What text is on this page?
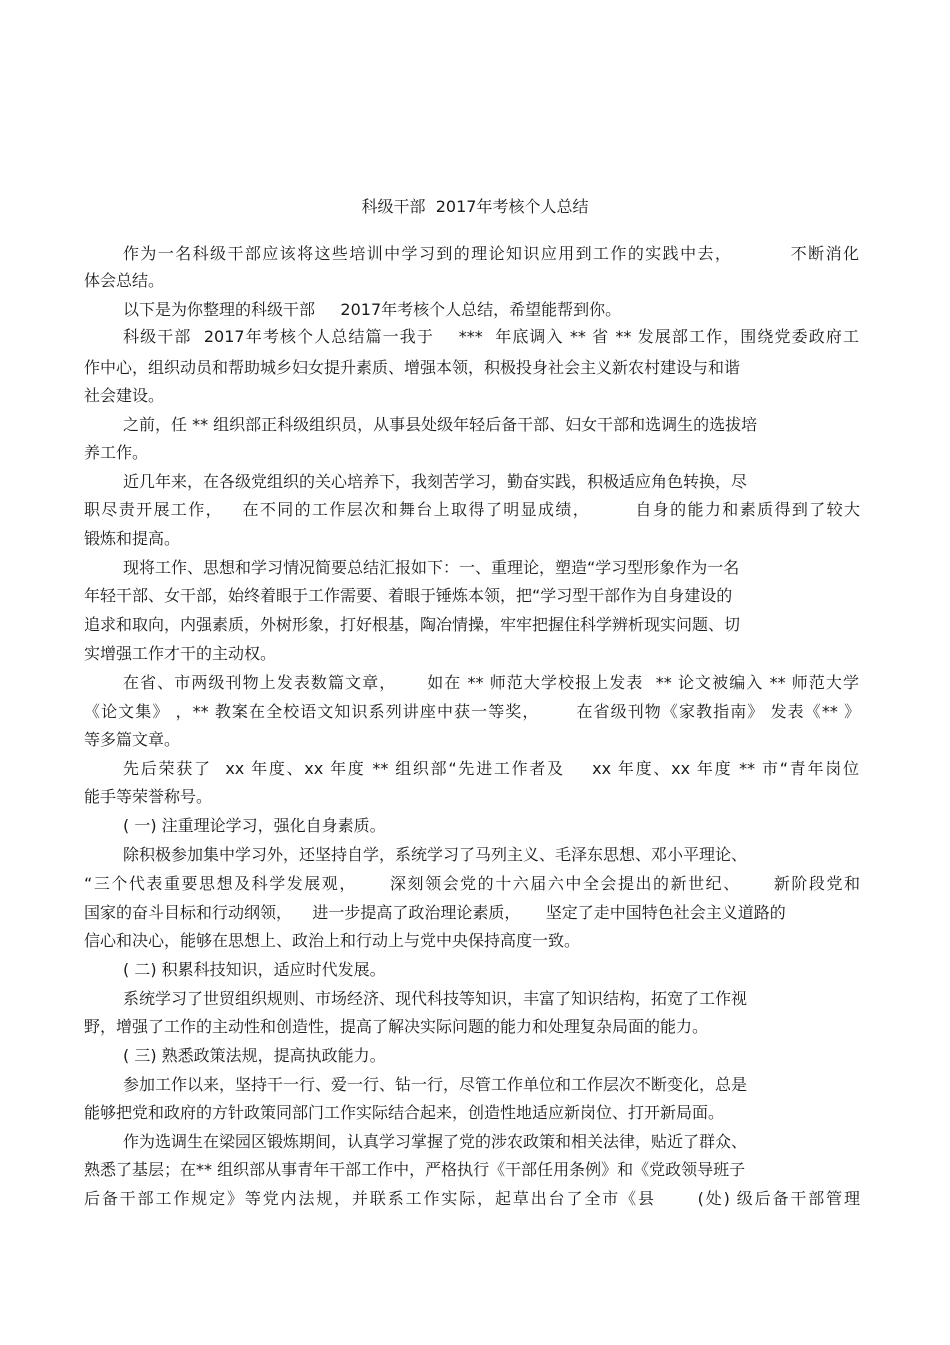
科级干部  2017年考核个人总结
作为一名科级干部应该将这些培训中学习到的理论知识应用到工作的实践中去，         不断消化
体会总结。
以下是为你整理的科级干部     2017年考核个人总结，希望能帮到你。
科级干部  2017年考核个人总结篇一我于    ***  年底调入 ** 省 ** 发展部工作，围绕党委政府工
作中心，组织动员和帮助城乡妇女提升素质、增强本领，积极投身社会主义新农村建设与和谐
社会建设。
之前，任 ** 组织部正科级组织员，从事县处级年轻后备干部、妇女干部和选调生的选拔培
养工作。
近几年来，在各级党组织的关心培养下，我刻苦学习，勤奋实践，积极适应角色转换，尽
职尽责开展工作，   在不同的工作层次和舞台上取得了明显成绩，       自身的能力和素质得到了较大
锻炼和提高。
现将工作、思想和学习情况简要总结汇报如下：一、重理论，塑造“学习型形象作为一名
年轻干部、女干部，始终着眼于工作需要、着眼于锤炼本领，把“学习型干部作为自身建设的
追求和取向，内强素质，外树形象，打好根基，陶冶情操，牢牢把握住科学辨析现实问题、切
实增强工作才干的主动权。
在省、市两级刊物上发表数篇文章，     如在 ** 师范大学校报上发表  ** 论文被编入 ** 师范大学
《论文集》 ，** 教案在全校语文知识系列讲座中获一等奖，      在省级刊物《家教指南》 发表《** 》
等多篇文章。
先后荣获了  xx 年度、xx 年度 ** 组织部“先进工作者及    xx 年度、xx 年度 ** 市“青年岗位
能手等荣誉称号。
( 一) 注重理论学习，强化自身素质。
除积极参加集中学习外，还坚持自学，系统学习了马列主义、毛泽东思想、邓小平理论、
“三个代表重要思想及科学发展观，     深刻领会党的十六届六中全会提出的新世纪、     新阶段党和
国家的奋斗目标和行动纲领，    进一步提高了政治理论素质，     坚定了走中国特色社会主义道路的
信心和决心，能够在思想上、政治上和行动上与党中央保持高度一致。
( 二) 积累科技知识，适应时代发展。
系统学习了世贸组织规则、市场经济、现代科技等知识，丰富了知识结构，拓宽了工作视
野，增强了工作的主动性和创造性，提高了解决实际问题的能力和处理复杂局面的能力。
( 三) 熟悉政策法规，提高执政能力。
参加工作以来，坚持干一行、爱一行、钻一行，尽管工作单位和工作层次不断变化，总是
能够把党和政府的方针政策同部门工作实际结合起来，创造性地适应新岗位、打开新局面。
作为选调生在梁园区锻炼期间，认真学习掌握了党的涉农政策和相关法律，贴近了群众、
熟悉了基层；在** 组织部从事青年干部工作中，严格执行《干部任用条例》和《党政领导班子
后备干部工作规定》等党内法规，并联系工作实际，起草出台了全市《县      (处) 级后备干部管理
